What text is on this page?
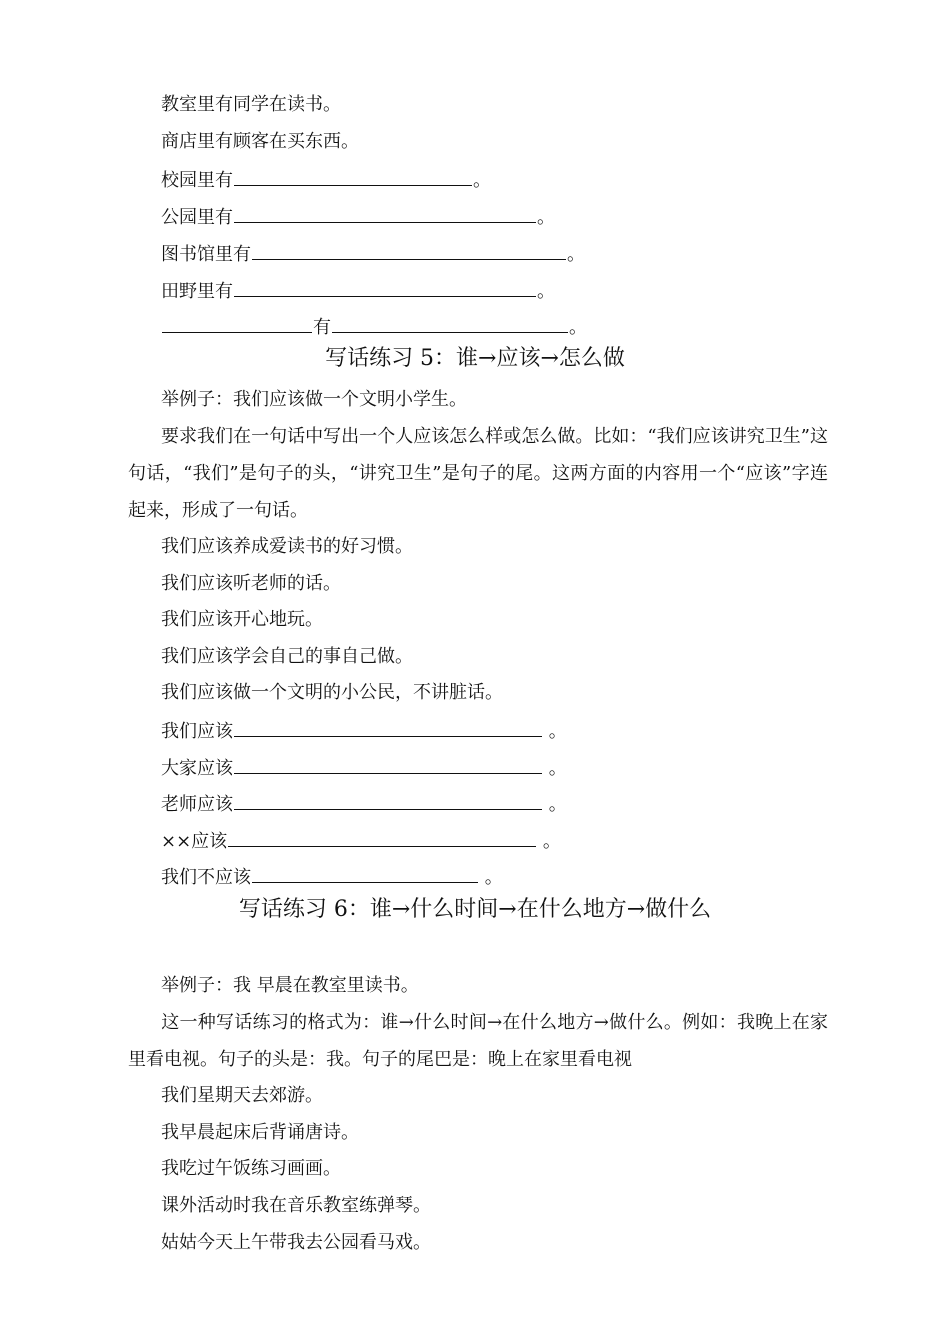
教室里有同学在读书。
商店里有顾客在买东西。
校园里有	。
公园里有	。
图书馆里有	。
田野里有	。
有	。
写话练习 5：谁→应该→怎么做
举例子：我们应该做一个文明小学生。
要求我们在一句话中写出一个人应该怎么样或怎么做。比如：“我们应该讲究卫生”这句话，“我们”是句子的头，“讲究卫生”是句子的尾。这两方面的内容用一个“应该”字连起来，形成了一句话。
我们应该养成爱读书的好习惯。
我们应该听老师的话。
我们应该开心地玩。
我们应该学会自己的事自己做。
我们应该做一个文明的小公民，不讲脏话。
我们应该	。
大家应该	。
老师应该	。
××应该	。
我们不应该	。
写话练习 6：谁→什么时间→在什么地方→做什么
举例子：我 早晨在教室里读书。
这一种写话练习的格式为：谁→什么时间→在什么地方→做什么。例如：我晚上在家里看电视。句子的头是：我。句子的尾巴是：晚上在家里看电视
我们星期天去郊游。
我早晨起床后背诵唐诗。
我吃过午饭练习画画。
课外活动时我在音乐教室练弹琴。
姑姑今天上午带我去公园看马戏。
